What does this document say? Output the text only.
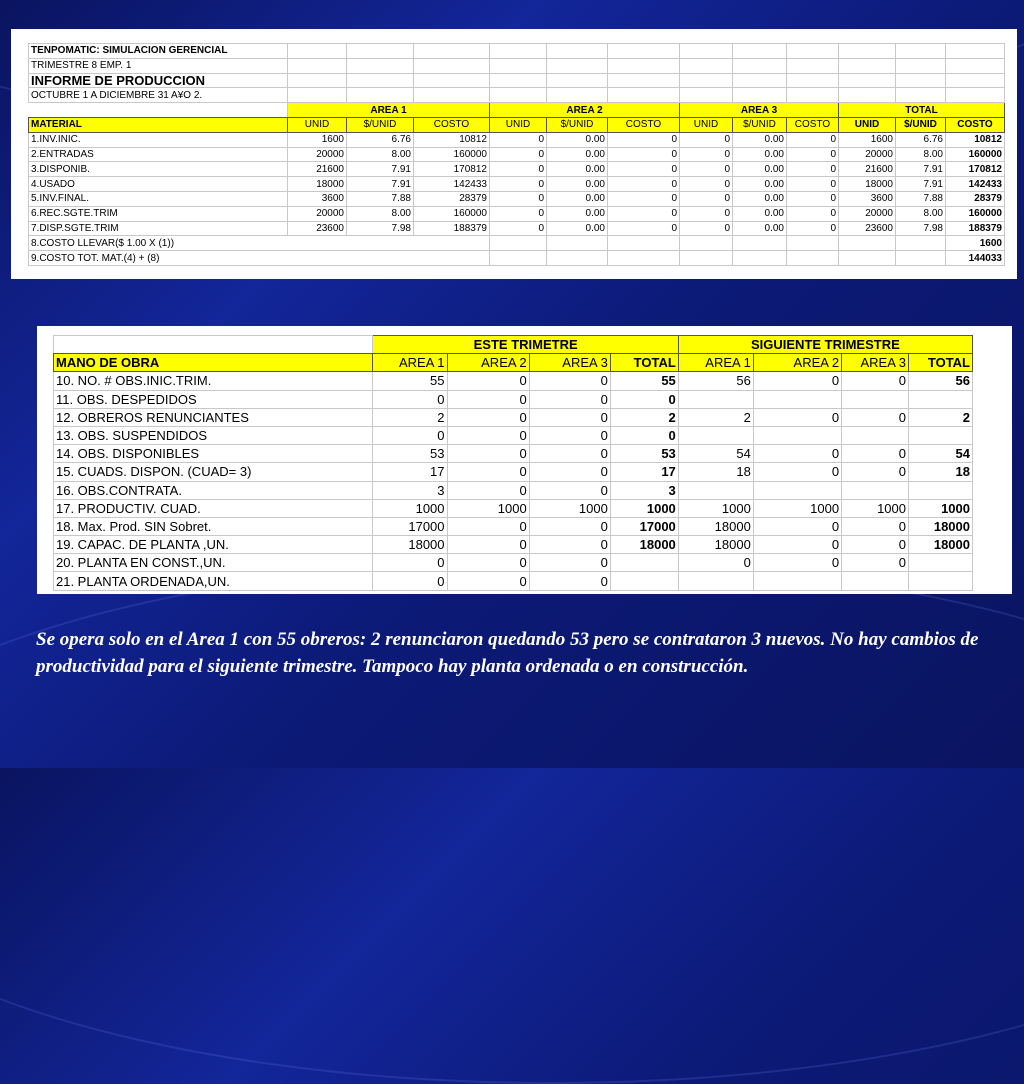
TENPOMATIC: SIMULACION GERENCIAL												
TRIMESTRE 8 EMP. 1												
INFORME DE PRODUCCION												
OCTUBRE 1 A DICIEMBRE 31 A¥O 2.												
	AREA 1			AREA 2			AREA 3			TOTAL		
MATERIAL	UNID	$/UNID	COSTO	UNID	$/UNID	COSTO	UNID	$/UNID	COSTO	UNID	$/UNID	COSTO
1.INV.INIC.	1600	6.76	10812	0	0.00	0	0	0.00	0	1600	6.76	10812
2.ENTRADAS	20000	8.00	160000	0	0.00	0	0	0.00	0	20000	8.00	160000
3.DISPONIB.	21600	7.91	170812	0	0.00	0	0	0.00	0	21600	7.91	170812
4.USADO	18000	7.91	142433	0	0.00	0	0	0.00	0	18000	7.91	142433
5.INV.FINAL.	3600	7.88	28379	0	0.00	0	0	0.00	0	3600	7.88	28379
6.REC.SGTE.TRIM	20000	8.00	160000	0	0.00	0	0	0.00	0	20000	8.00	160000
7.DISP.SGTE.TRIM	23600	7.98	188379	0	0.00	0	0	0.00	0	23600	7.98	188379
8.COSTO LLEVAR($ 1.00 X (1))												1600
9.COSTO TOT. MAT.(4) + (8)												144033
	ESTE TRIMETRE				SIGUIENTE TRIMESTRE			
MANO DE OBRA	AREA 1	AREA 2	AREA 3	TOTAL	AREA 1	AREA 2	AREA 3	TOTAL
10. NO. # OBS.INIC.TRIM.	55	0	0	55	56	0	0	56
11. OBS. DESPEDIDOS	0	0	0	0				
12. OBREROS RENUNCIANTES	2	0	0	2	2	0	0	2
13. OBS. SUSPENDIDOS	0	0	0	0				
14. OBS. DISPONIBLES	53	0	0	53	54	0	0	54
15. CUADS. DISPON. (CUAD= 3)	17	0	0	17	18	0	0	18
16. OBS.CONTRATA.	3	0	0	3				
17. PRODUCTIV. CUAD.	1000	1000	1000	1000	1000	1000	1000	1000
18. Max. Prod. SIN Sobret.	17000	0	0	17000	18000	0	0	18000
19. CAPAC. DE PLANTA ,UN.	18000	0	0	18000	18000	0	0	18000
20. PLANTA EN CONST.,UN.	0	0	0		0	0	0	
21. PLANTA ORDENADA,UN.	0	0	0					
Se opera solo en el Area 1 con 55 obreros: 2 renunciaron quedando 53 pero se contrataron 3 nuevos. No hay cambios de productividad para el siguiente trimestre. Tampoco hay planta ordenada o en construcción.
